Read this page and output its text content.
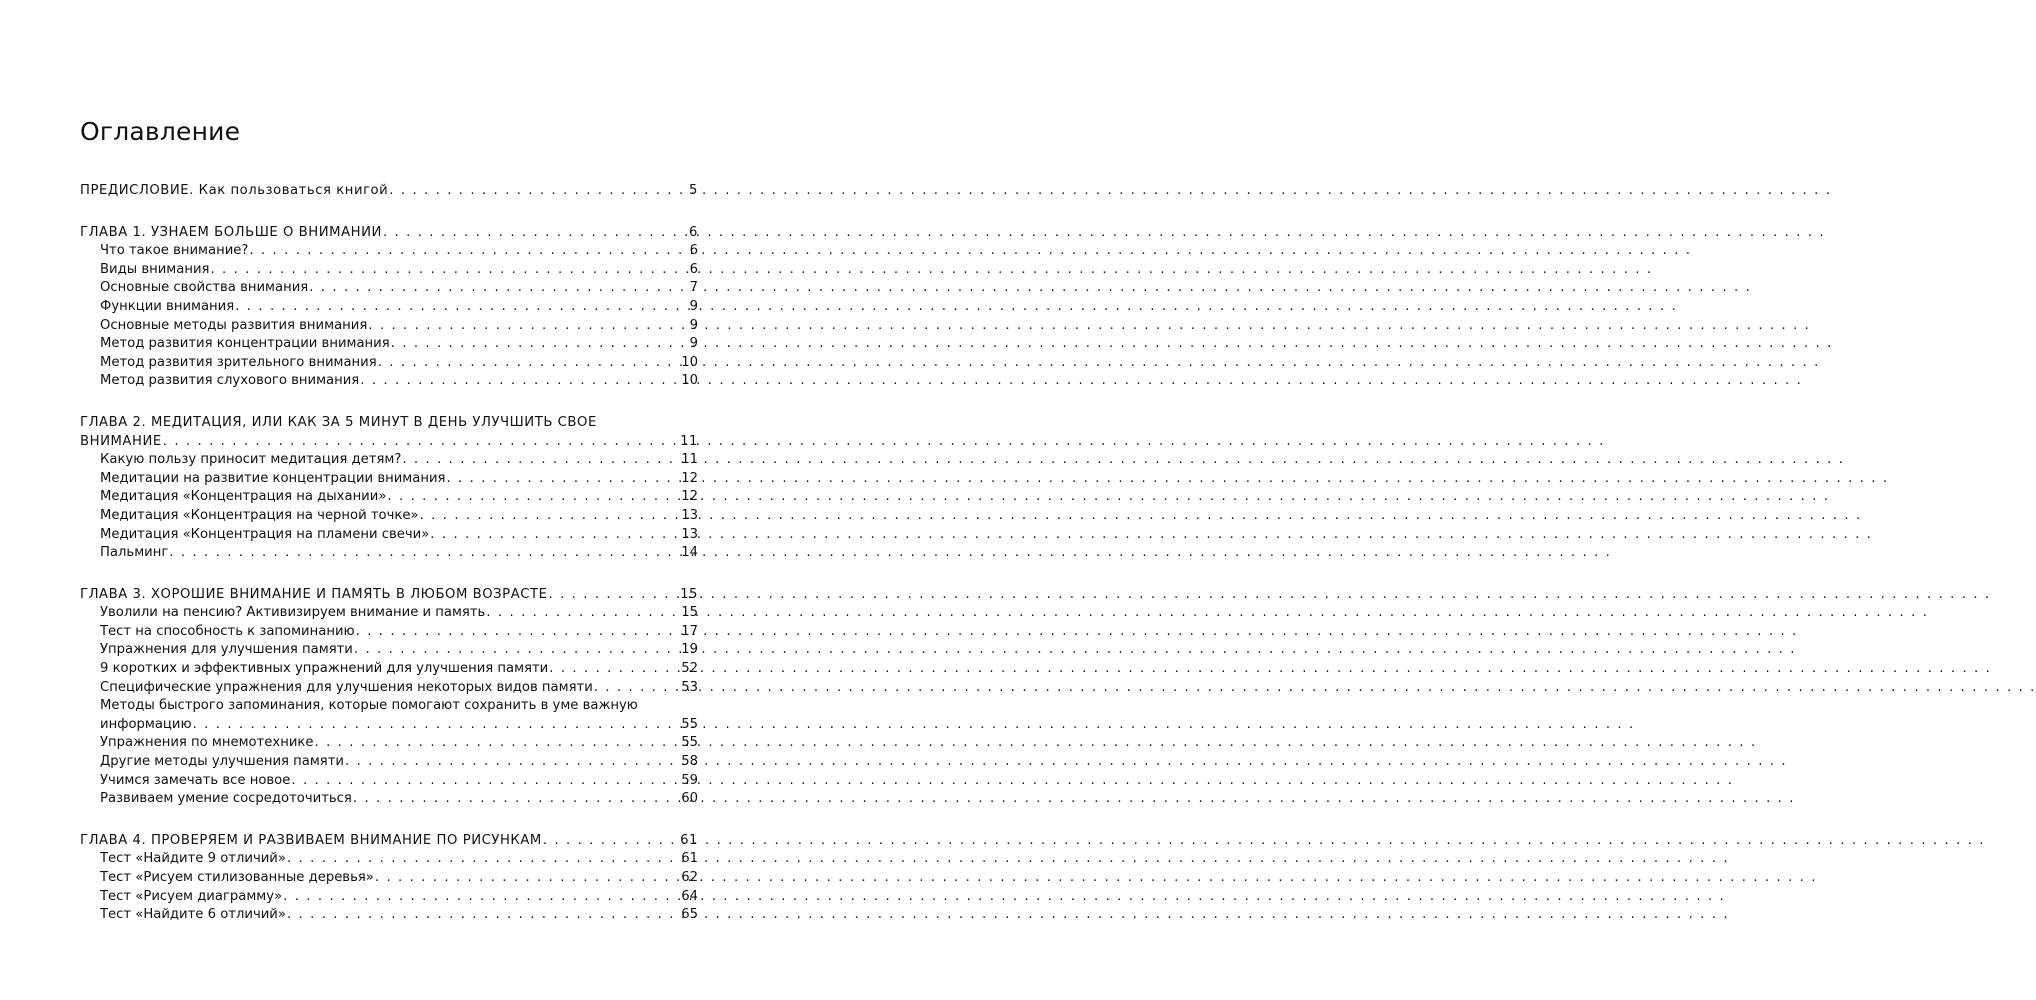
Оглавление
ПРЕДИСЛОВИЕ. Как пользоваться книгой . . .	5
ГЛАВА 1. УЗНАЕМ БОЛЬШЕ О ВНИМАНИИ . . .	6
Что такое внимание? . . .	6
Виды внимания . . .	6
Основные свойства внимания . . .	7
Функции внимания . . .	9
Основные методы развития внимания . . .	9
Метод развития концентрации внимания . . .	9
Метод развития зрительного внимания . . .	10
Метод развития слухового внимания . . .	10
ГЛАВА 2. МЕДИТАЦИЯ, ИЛИ КАК ЗА 5 МИНУТ В ДЕНЬ УЛУЧШИТЬ СВОЕ
ВНИМАНИЕ . . .	11
Какую пользу приносит медитация детям? . . .	11
Медитации на развитие концентрации внимания . . .	12
Медитация «Концентрация на дыхании» . . .	12
Медитация «Концентрация на черной точке» . . .	13
Медитация «Концентрация на пламени свечи» . . .	13
Пальминг . . .	14
ГЛАВА 3. ХОРОШИЕ ВНИМАНИЕ И ПАМЯТЬ В ЛЮБОМ ВОЗРАСТЕ . . .	15
Уволили на пенсию? Активизируем внимание и память . . .	15
Тест на способность к запоминанию . . .	17
Упражнения для улучшения памяти . . .	19
9 коротких и эффективных упражнений для улучшения памяти . . .	52
Специфические упражнения для улучшения некоторых видов памяти . . .	53
Методы быстрого запоминания, которые помогают сохранить в уме важную
информацию . . .	55
Упражнения по мнемотехнике . . .	55
Другие методы улучшения памяти . . .	58
Учимся замечать все новое . . .	59
Развиваем умение сосредоточиться . . .	60
ГЛАВА 4. ПРОВЕРЯЕМ И РАЗВИВАЕМ ВНИМАНИЕ ПО РИСУНКАМ . . .	61
Тест «Найдите 9 отличий» . . .	61
Тест «Рисуем стилизованные деревья» . . .	62
Тест «Рисуем диаграмму» . . .	64
Тест «Найдите 6 отличий» . . .	65
